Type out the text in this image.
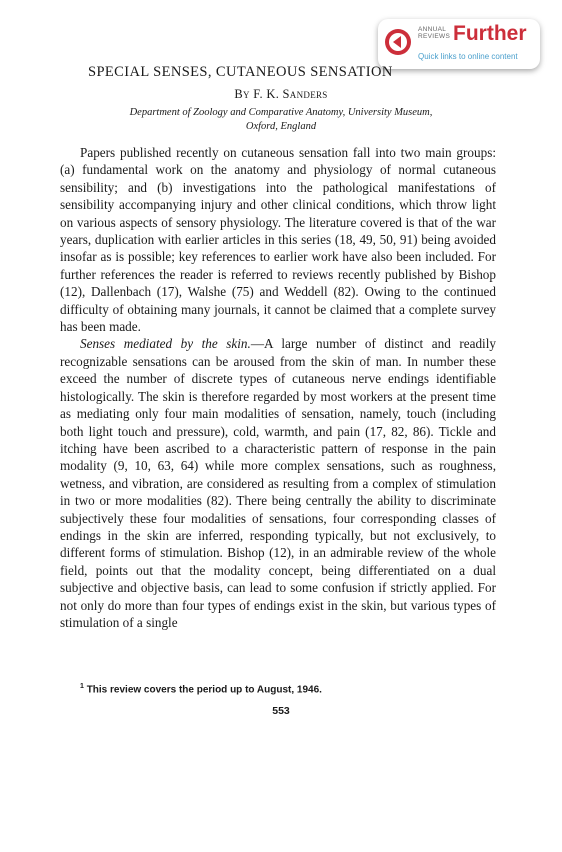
ANNUAL
REVIEWS Further
Quick links to online content
SPECIAL SENSES, CUTANEOUS SENSATION
By F. K. Sanders
Department of Zoology and Comparative Anatomy, University Museum,
Oxford, England

Papers published recently on cutaneous sensation fall into two main groups: (a) fundamental work on the anatomy and physiology of normal cutaneous sensibility; and (b) investigations into the pathological manifestations of sensibility accompanying injury and other clinical conditions, which throw light on various aspects of sensory physiology. The literature covered is that of the war years, duplication with earlier articles in this series (18, 49, 50, 91) being avoided insofar as is possible; key references to earlier work have also been included. For further references the reader is referred to reviews recently published by Bishop (12), Dallenbach (17), Walshe (75) and Weddell (82). Owing to the continued difficulty of obtaining many journals, it cannot be claimed that a complete survey has been made.

Senses mediated by the skin.—A large number of distinct and readily recognizable sensations can be aroused from the skin of man. In number these exceed the number of discrete types of cutaneous nerve endings identifiable histologically. The skin is therefore regarded by most workers at the present time as mediating only four main modalities of sensation, namely, touch (including both light touch and pressure), cold, warmth, and pain (17, 82, 86). Tickle and itching have been ascribed to a characteristic pattern of response in the pain modality (9, 10, 63, 64) while more complex sensations, such as roughness, wetness, and vibration, are considered as resulting from a complex of stimulation in two or more modalities (82). There being centrally the ability to discriminate subjectively these four modalities of sensations, four corresponding classes of endings in the skin are inferred, responding typically, but not exclusively, to different forms of stimulation. Bishop (12), in an admirable review of the whole field, points out that the modality concept, being differentiated on a dual subjective and objective basis, can lead to some confusion if strictly applied. For not only do more than four types of endings exist in the skin, but various types of stimulation of a single

$^1$ This review covers the period up to August, 1946.
553
